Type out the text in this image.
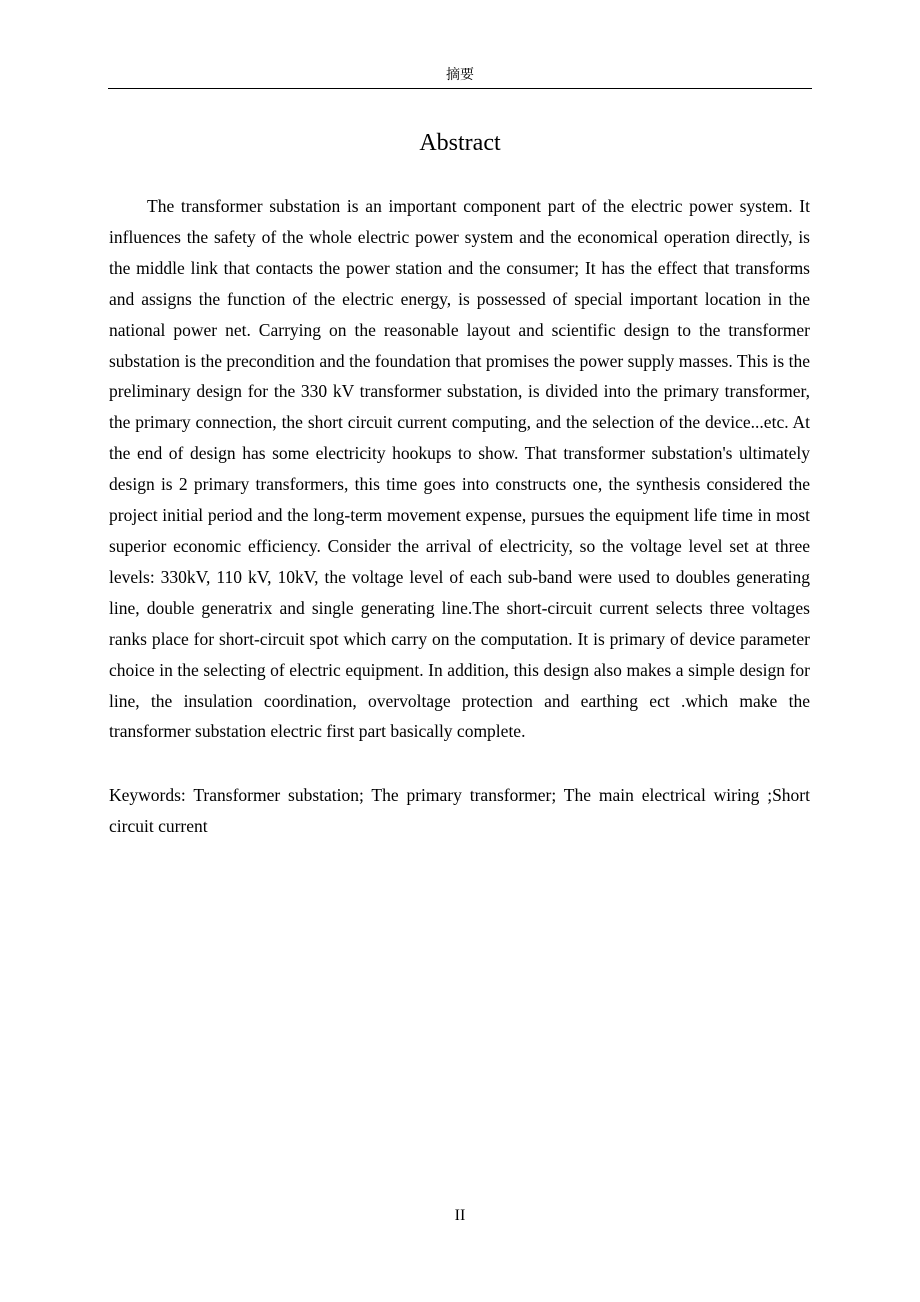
摘要
Abstract

The transformer substation is an important component part of the electric power system. It influences the safety of the whole electric power system and the economical operation directly, is the middle link that contacts the power station and the consumer; It has the effect that transforms and assigns the function of the electric energy, is possessed of special important location in the national power net. Carrying on the reasonable layout and scientific design to the transformer substation is the precondition and the foundation that promises the power supply masses. This is the preliminary design for the 330 kV transformer substation, is divided into the primary transformer, the primary connection, the short circuit current computing, and the selection of the device...etc. At the end of design has some electricity hookups to show. That transformer substation's ultimately design is 2 primary transformers, this time goes into constructs one, the synthesis considered the project initial period and the long-term movement expense, pursues the equipment life time in most superior economic efficiency. Consider the arrival of electricity, so the voltage level set at three levels: 330kV, 110 kV, 10kV, the voltage level of each sub-band were used to doubles generating line, double generatrix and single generating line.The short-circuit current selects three voltages ranks place for short-circuit spot which carry on the computation. It is primary of device parameter choice in the selecting of electric equipment. In addition, this design also makes a simple design for line, the insulation coordination, overvoltage protection and earthing ect .which make the transformer substation electric first part basically complete.

Keywords: Transformer substation; The primary transformer; The main electrical wiring ;Short circuit current

II
